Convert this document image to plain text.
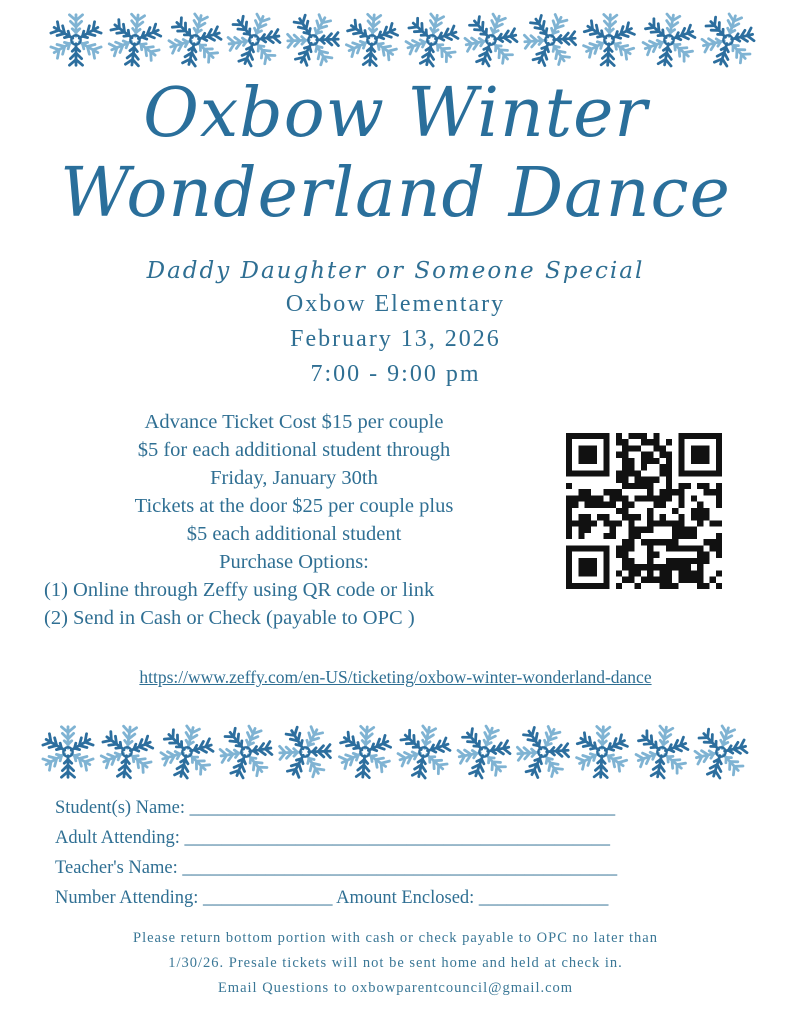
Oxbow Winter
Wonderland Dance
Daddy Daughter or Someone Special
Oxbow Elementary
February 13, 2026
7:00 - 9:00 pm
Advance Ticket Cost $15 per couple
$5 for each additional student through
Friday, January 30th
Tickets at the door $25 per couple plus
$5 each additional student
Purchase Options:
(1) Online through Zeffy using QR code or link
(2) Send in Cash or Check (payable to OPC )
https://www.zeffy.com/en-US/ticketing/oxbow-winter-wonderland-dance
Student(s) Name: ______________________________________________
Adult Attending: ______________________________________________
Teacher's Name: _______________________________________________
Number Attending: ______________ Amount Enclosed: ______________
Please return bottom portion with cash or check payable to OPC no later than
1/30/26. Presale tickets will not be sent home and held at check in.
Email Questions to oxbowparentcouncil@gmail.com
